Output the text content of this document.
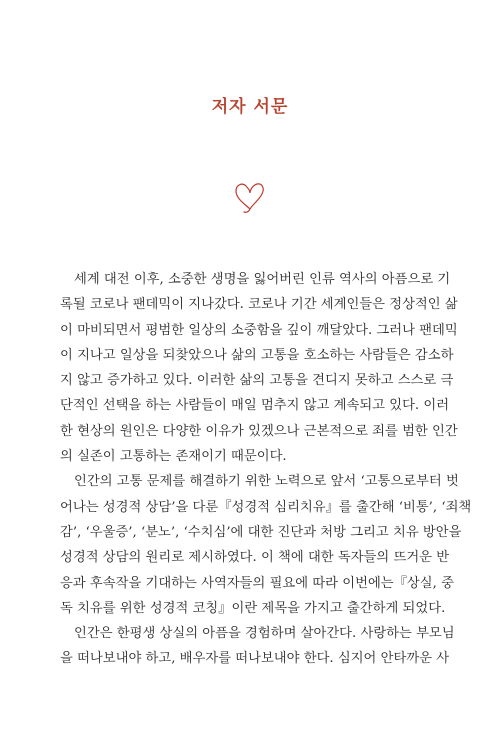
저자 서문
세계 대전 이후, 소중한 생명을 잃어버린 인류 역사의 아픔으로 기
록될 코로나 팬데믹이 지나갔다. 코로나 기간 세계인들은 정상적인 삶
이 마비되면서 평범한 일상의 소중함을 깊이 깨달았다. 그러나 팬데믹
이 지나고 일상을 되찾았으나 삶의 고통을 호소하는 사람들은 감소하
지 않고 증가하고 있다. 이러한 삶의 고통을 견디지 못하고 스스로 극
단적인 선택을 하는 사람들이 매일 멈추지 않고 계속되고 있다. 이러
한 현상의 원인은 다양한 이유가 있겠으나 근본적으로 죄를 범한 인간
의 실존이 고통하는 존재이기 때문이다.
인간의 고통 문제를 해결하기 위한 노력으로 앞서 ‘고통으로부터 벗
어나는 성경적 상담’을 다룬『성경적 심리치유』를 출간해 ‘비통’, ‘죄책
감’, ‘우울증’, ‘분노’, ‘수치심’에 대한 진단과 처방 그리고 치유 방안을
성경적 상담의 원리로 제시하였다. 이 책에 대한 독자들의 뜨거운 반
응과 후속작을 기대하는 사역자들의 필요에 따라 이번에는『상실, 중
독 치유를 위한 성경적 코칭』이란 제목을 가지고 출간하게 되었다.
인간은 한평생 상실의 아픔을 경험하며 살아간다. 사랑하는 부모님
을 떠나보내야 하고, 배우자를 떠나보내야 한다. 심지어 안타까운 사
